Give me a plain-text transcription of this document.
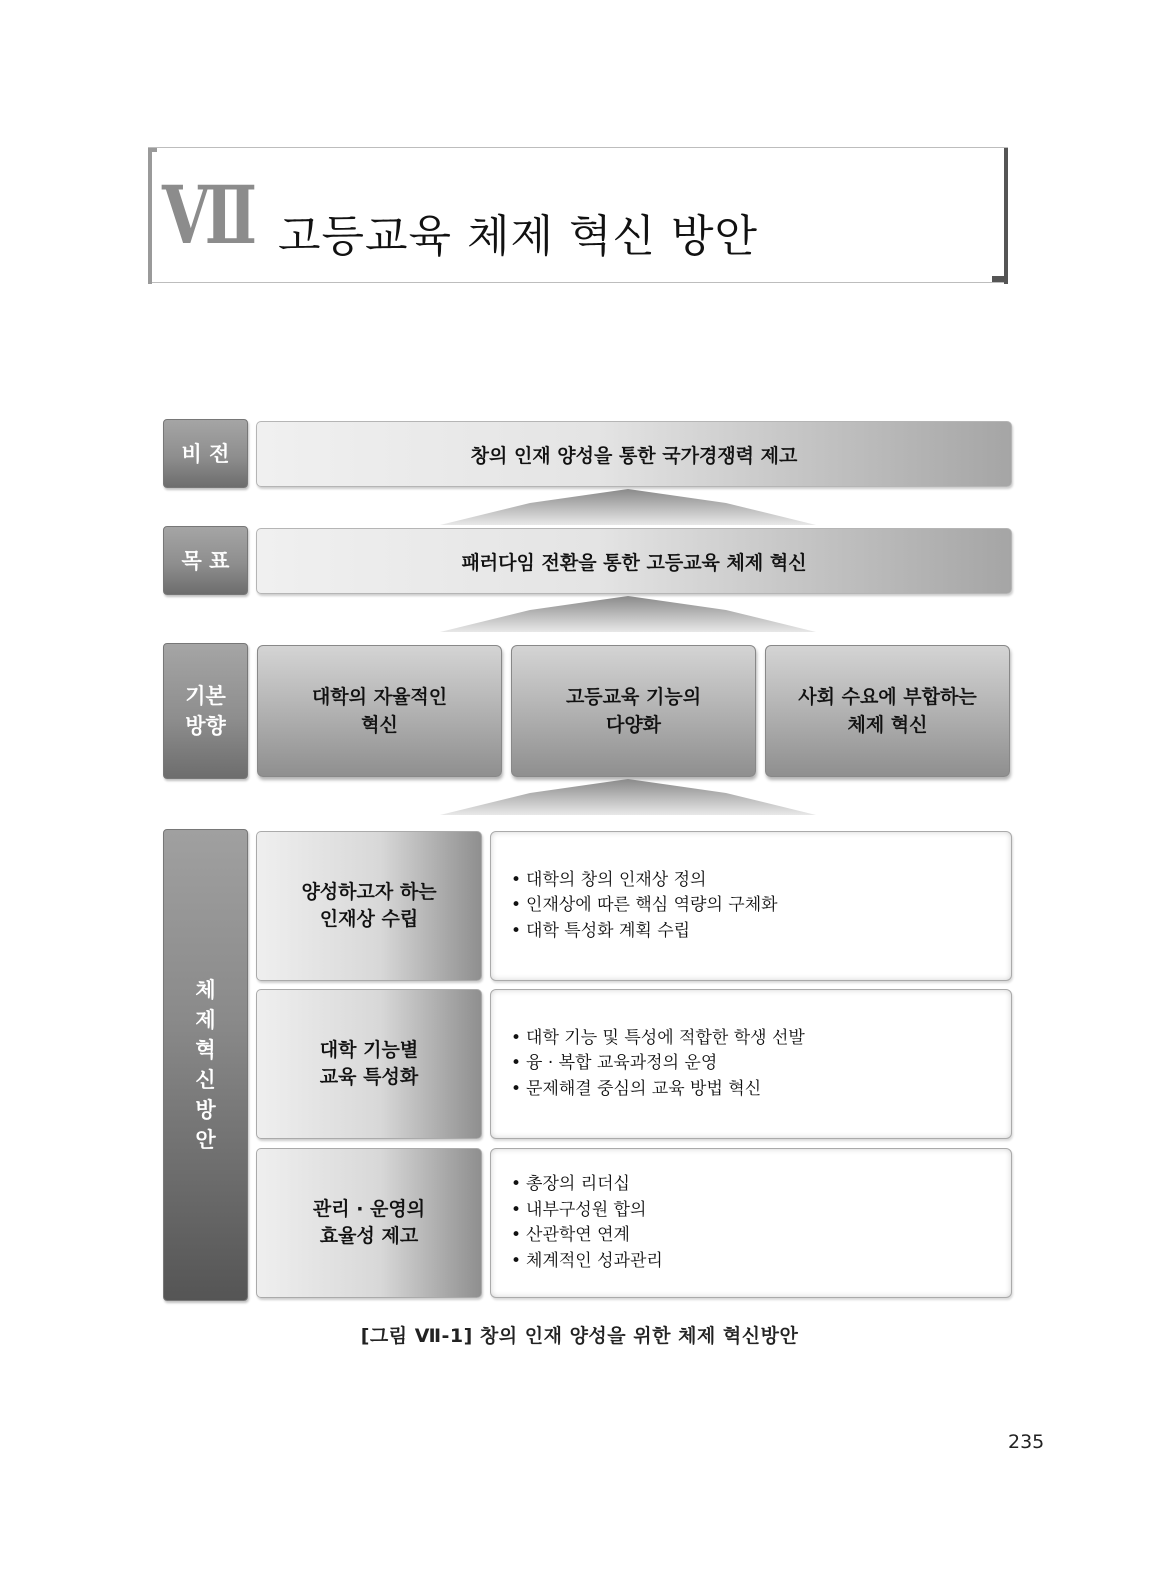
Ⅶ 고등교육 체제 혁신 방안
비 전	창의 인재 양성을 통한 국가경쟁력 제고
목 표	패러다임 전환을 통한 고등교육 체제 혁신
기본
방향
대학의 자율적인
혁신
고등교육 기능의
다양화
사회 수요에 부합하는
체제 혁신
체
제
혁
신
방
안
양성하고자 하는
인재상 수립
• 대학의 창의 인재상 정의
• 인재상에 따른 핵심 역량의 구체화
• 대학 특성화 계획 수립
대학 기능별
교육 특성화
• 대학 기능 및 특성에 적합한 학생 선발
• 융 · 복합 교육과정의 운영
• 문제해결 중심의 교육 방법 혁신
관리 · 운영의
효율성 제고
• 총장의 리더십
• 내부구성원 합의
• 산관학연 연계
• 체계적인 성과관리
[그림 Ⅶ-1] 창의 인재 양성을 위한 체제 혁신방안
235
